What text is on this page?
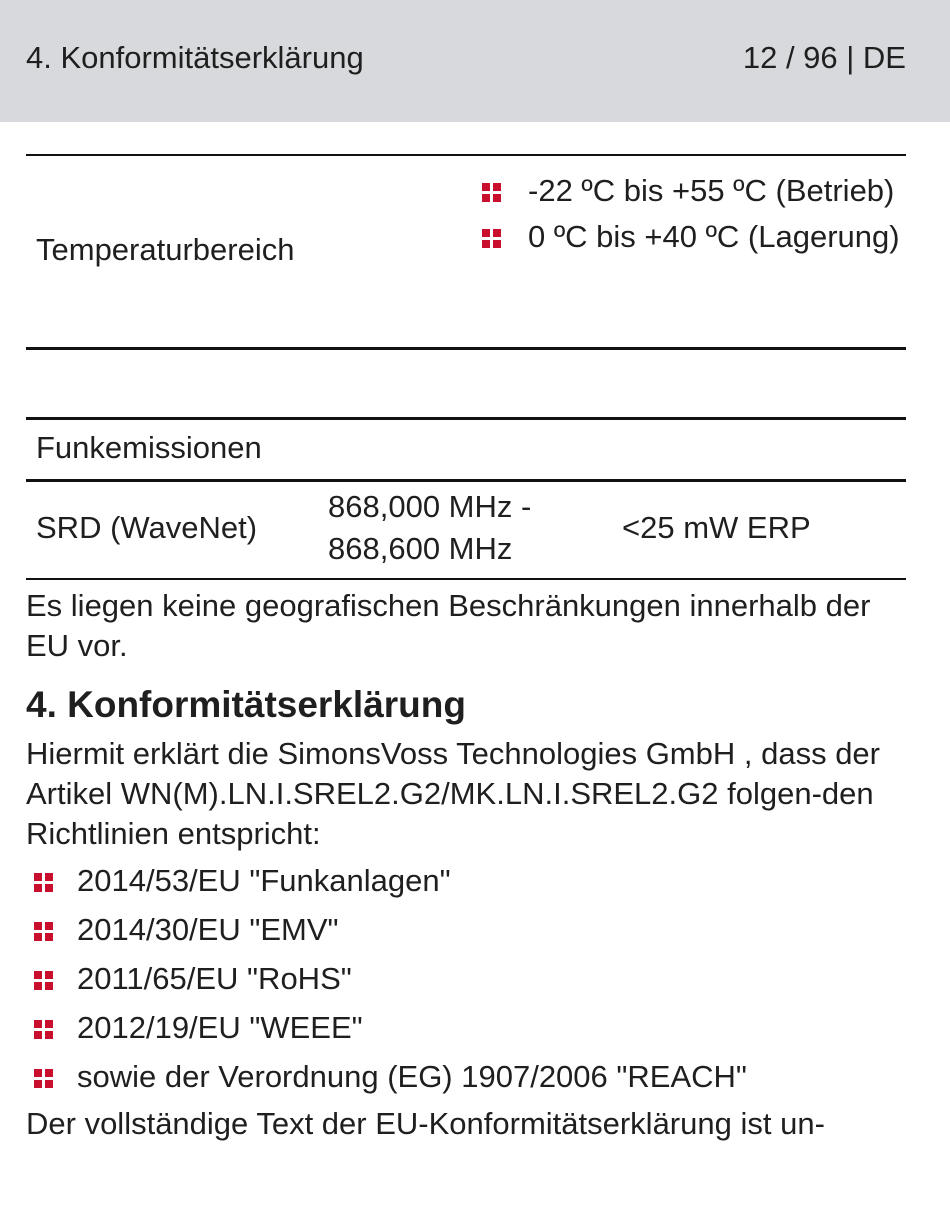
4. Konformitätserklärung	12 / 96 | DE
Temperaturbereich
-22 ºC bis +55 ºC (Betrieb)
0 ºC bis +40 ºC (Lagerung)
Funkemissionen
SRD (WaveNet)
868,000 MHz - 868,600 MHz
<25 mW ERP
Es liegen keine geografischen Beschränkungen innerhalb der EU vor.
4. Konformitätserklärung
Hiermit erklärt die SimonsVoss Technologies GmbH , dass der Artikel WN(M).LN.I.SREL2.G2/MK.LN.I.SREL2.G2 folgen-den Richtlinien entspricht:
2014/53/EU "Funkanlagen"
2014/30/EU "EMV"
2011/65/EU "RoHS"
2012/19/EU "WEEE"
sowie der Verordnung (EG) 1907/2006 "REACH"
Der vollständige Text der EU-Konformitätserklärung ist un-
